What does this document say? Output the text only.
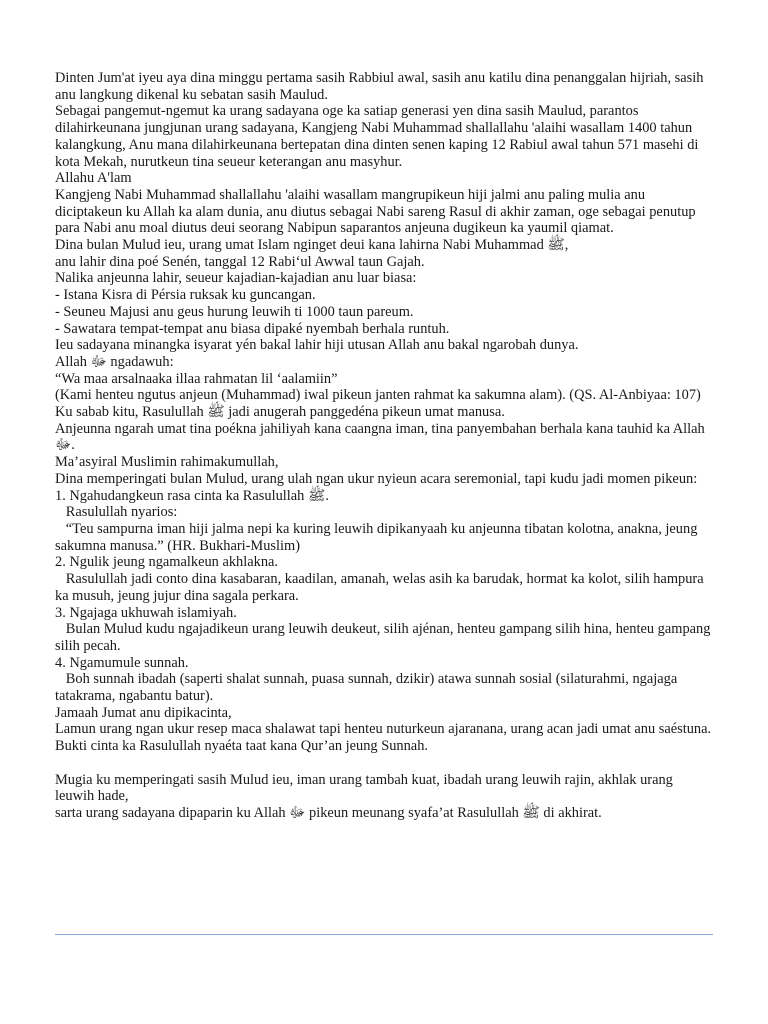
Dinten Jum'at iyeu aya dina minggu pertama sasih Rabbiul awal, sasih anu katilu dina penanggalan hijriah, sasih anu langkung dikenal ku sebatan sasih Maulud.

Sebagai pangemut-ngemut ka urang sadayana oge ka satiap generasi yen dina sasih Maulud, parantos dilahirkeunana jungjunan urang sadayana, Kangjeng Nabi Muhammad shallallahu 'alaihi wasallam 1400 tahun kalangkung, Anu mana dilahirkeunana bertepatan dina dinten senen kaping 12 Rabiul awal tahun 571 masehi di kota Mekah, nurutkeun tina seueur keterangan anu masyhur.

Allahu A'lam

Kangjeng Nabi Muhammad shallallahu 'alaihi wasallam mangrupikeun hiji jalmi anu paling mulia anu diciptakeun ku Allah ka alam dunia, anu diutus sebagai Nabi sareng Rasul di akhir zaman, oge sebagai penutup para Nabi anu moal diutus deui seorang Nabipun saparantos anjeuna dugikeun ka yaumil qiamat.

Dina bulan Mulud ieu, urang umat Islam nginget deui kana lahirna Nabi Muhammad ﷺ,

anu lahir dina poé Senén, tanggal 12 Rabi‘ul Awwal taun Gajah.

Nalika anjeunna lahir, seueur kajadian-kajadian anu luar biasa:

- Istana Kisra di Pérsia ruksak ku guncangan.

- Seuneu Majusi anu geus hurung leuwih ti 1000 taun pareum.

- Sawatara tempat-tempat anu biasa dipaké nyembah berhala runtuh.

Ieu sadayana minangka isyarat yén bakal lahir hiji utusan Allah anu bakal ngarobah dunya.

Allah ﷻ ngadawuh:

“Wa maa arsalnaaka illaa rahmatan lil ‘aalamiin”

(Kami henteu ngutus anjeun (Muhammad) iwal pikeun janten rahmat ka sakumna alam). (QS. Al-Anbiyaa: 107)

Ku sabab kitu, Rasulullah ﷺ jadi anugerah panggedéna pikeun umat manusa.

Anjeunna ngarah umat tina poékna jahiliyah kana caangna iman, tina panyembahan berhala kana tauhid ka Allah ﷻ.

Ma’asyiral Muslimin rahimakumullah,

Dina memperingati bulan Mulud, urang ulah ngan ukur nyieun acara seremonial, tapi kudu jadi momen pikeun:

1. Ngahudangkeun rasa cinta ka Rasulullah ﷺ.

Rasulullah nyarios:

“Teu sampurna iman hiji jalma nepi ka kuring leuwih dipikanyaah ku anjeunna tibatan kolotna, anakna, jeung sakumna manusa.” (HR. Bukhari-Muslim)

2. Ngulik jeung ngamalkeun akhlakna.

Rasulullah jadi conto dina kasabaran, kaadilan, amanah, welas asih ka barudak, hormat ka kolot, silih hampura ka musuh, jeung jujur dina sagala perkara.

3. Ngajaga ukhuwah islamiyah.

Bulan Mulud kudu ngajadikeun urang leuwih deukeut, silih ajénan, henteu gampang silih hina, henteu gampang silih pecah.

4. Ngamumule sunnah.

Boh sunnah ibadah (saperti shalat sunnah, puasa sunnah, dzikir) atawa sunnah sosial (silaturahmi, ngajaga tatakrama, ngabantu batur).

Jamaah Jumat anu dipikacinta,

Lamun urang ngan ukur resep maca shalawat tapi henteu nuturkeun ajaranana, urang acan jadi umat anu saéstuna.

Bukti cinta ka Rasulullah nyaéta taat kana Qur’an jeung Sunnah.

Mugia ku memperingati sasih Mulud ieu, iman urang tambah kuat, ibadah urang leuwih rajin, akhlak urang leuwih hade,

sarta urang sadayana dipaparin ku Allah ﷻ pikeun meunang syafa’at Rasulullah ﷺ di akhirat.
